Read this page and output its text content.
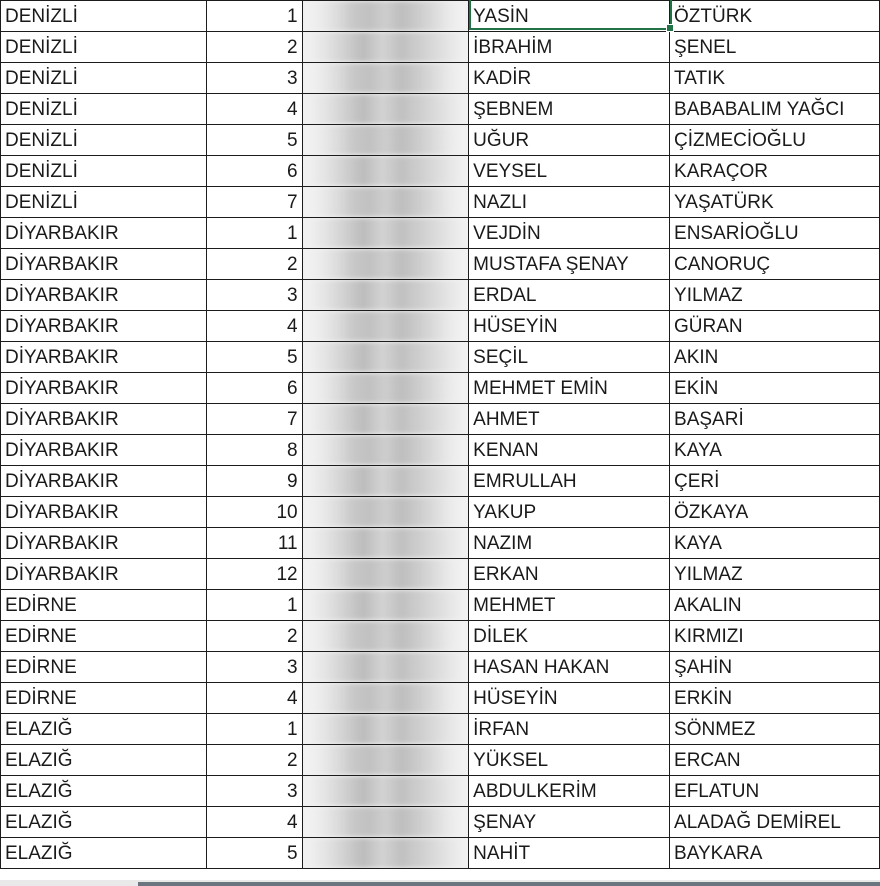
DENİZLİ	1		YASİN	ÖZTÜRK
DENİZLİ	2		İBRAHİM	ŞENEL
DENİZLİ	3		KADİR	TATIK
DENİZLİ	4		ŞEBNEM	BABABALIM YAĞCI
DENİZLİ	5		UĞUR	ÇİZMECİOĞLU
DENİZLİ	6		VEYSEL	KARAÇOR
DENİZLİ	7		NAZLI	YAŞATÜRK
DİYARBAKIR	1		VEJDİN	ENSARİOĞLU
DİYARBAKIR	2		MUSTAFA ŞENAY	CANORUÇ
DİYARBAKIR	3		ERDAL	YILMAZ
DİYARBAKIR	4		HÜSEYİN	GÜRAN
DİYARBAKIR	5		SEÇİL	AKIN
DİYARBAKIR	6		MEHMET EMİN	EKİN
DİYARBAKIR	7		AHMET	BAŞARİ
DİYARBAKIR	8		KENAN	KAYA
DİYARBAKIR	9		EMRULLAH	ÇERİ
DİYARBAKIR	10		YAKUP	ÖZKAYA
DİYARBAKIR	11		NAZIM	KAYA
DİYARBAKIR	12		ERKAN	YILMAZ
EDİRNE	1		MEHMET	AKALIN
EDİRNE	2		DİLEK	KIRMIZI
EDİRNE	3		HASAN HAKAN	ŞAHİN
EDİRNE	4		HÜSEYİN	ERKİN
ELAZIĞ	1		İRFAN	SÖNMEZ
ELAZIĞ	2		YÜKSEL	ERCAN
ELAZIĞ	3		ABDULKERİM	EFLATUN
ELAZIĞ	4		ŞENAY	ALADAĞ DEMİREL
ELAZIĞ	5		NAHİT	BAYKARA
